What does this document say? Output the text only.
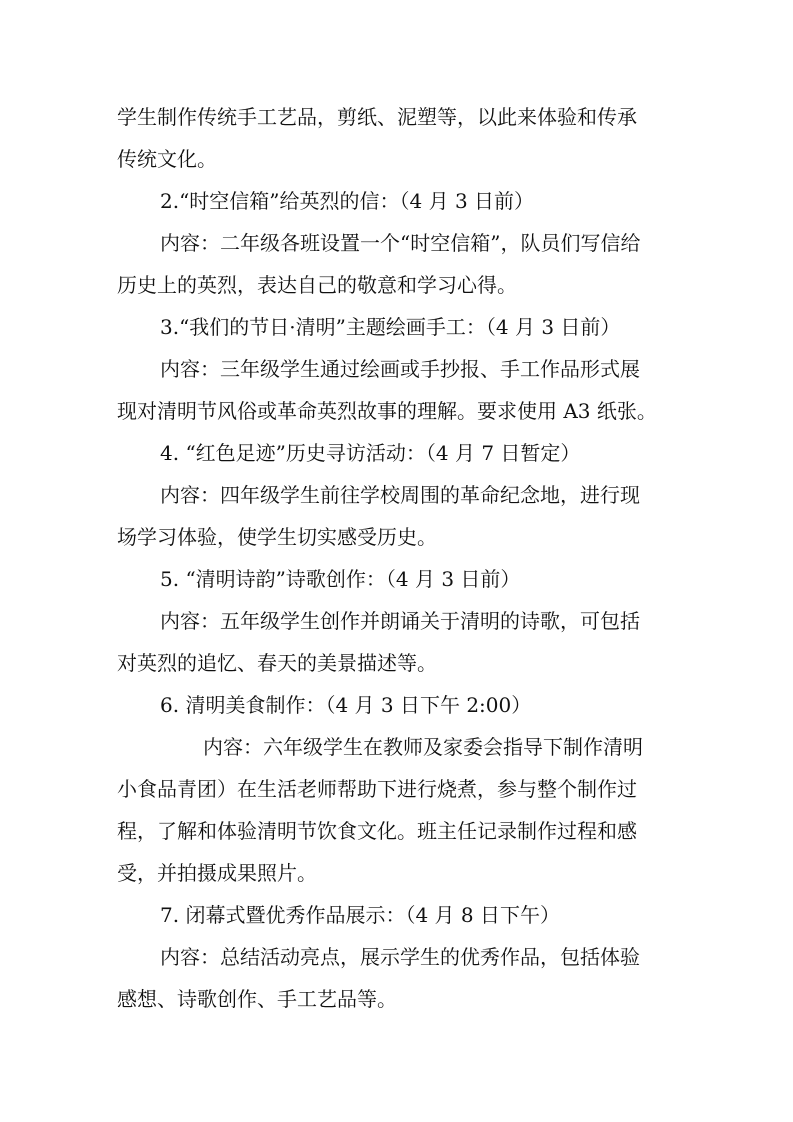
学生制作传统手工艺品，剪纸、泥塑等，以此来体验和传承
传统文化。
2.“时空信箱”给英烈的信：（4 月 3 日前）
内容：二年级各班设置一个“时空信箱”，队员们写信给
历史上的英烈，表达自己的敬意和学习心得。
3.“我们的节日·清明”主题绘画手工：（4 月 3 日前）
内容：三年级学生通过绘画或手抄报、手工作品形式展
现对清明节风俗或革命英烈故事的理解。要求使用 A3 纸张。
4. “红色足迹”历史寻访活动：（4 月 7 日暂定）
内容：四年级学生前往学校周围的革命纪念地，进行现
场学习体验，使学生切实感受历史。
5. “清明诗韵”诗歌创作：（4 月 3 日前）
内容：五年级学生创作并朗诵关于清明的诗歌，可包括
对英烈的追忆、春天的美景描述等。
6. 清明美食制作：（4 月 3 日下午 2:00）
内容：六年级学生在教师及家委会指导下制作清明
小食品青团）在生活老师帮助下进行烧煮，参与整个制作过
程，了解和体验清明节饮食文化。班主任记录制作过程和感
受，并拍摄成果照片。
7. 闭幕式暨优秀作品展示：（4 月 8 日下午）
内容：总结活动亮点，展示学生的优秀作品，包括体验
感想、诗歌创作、手工艺品等。
